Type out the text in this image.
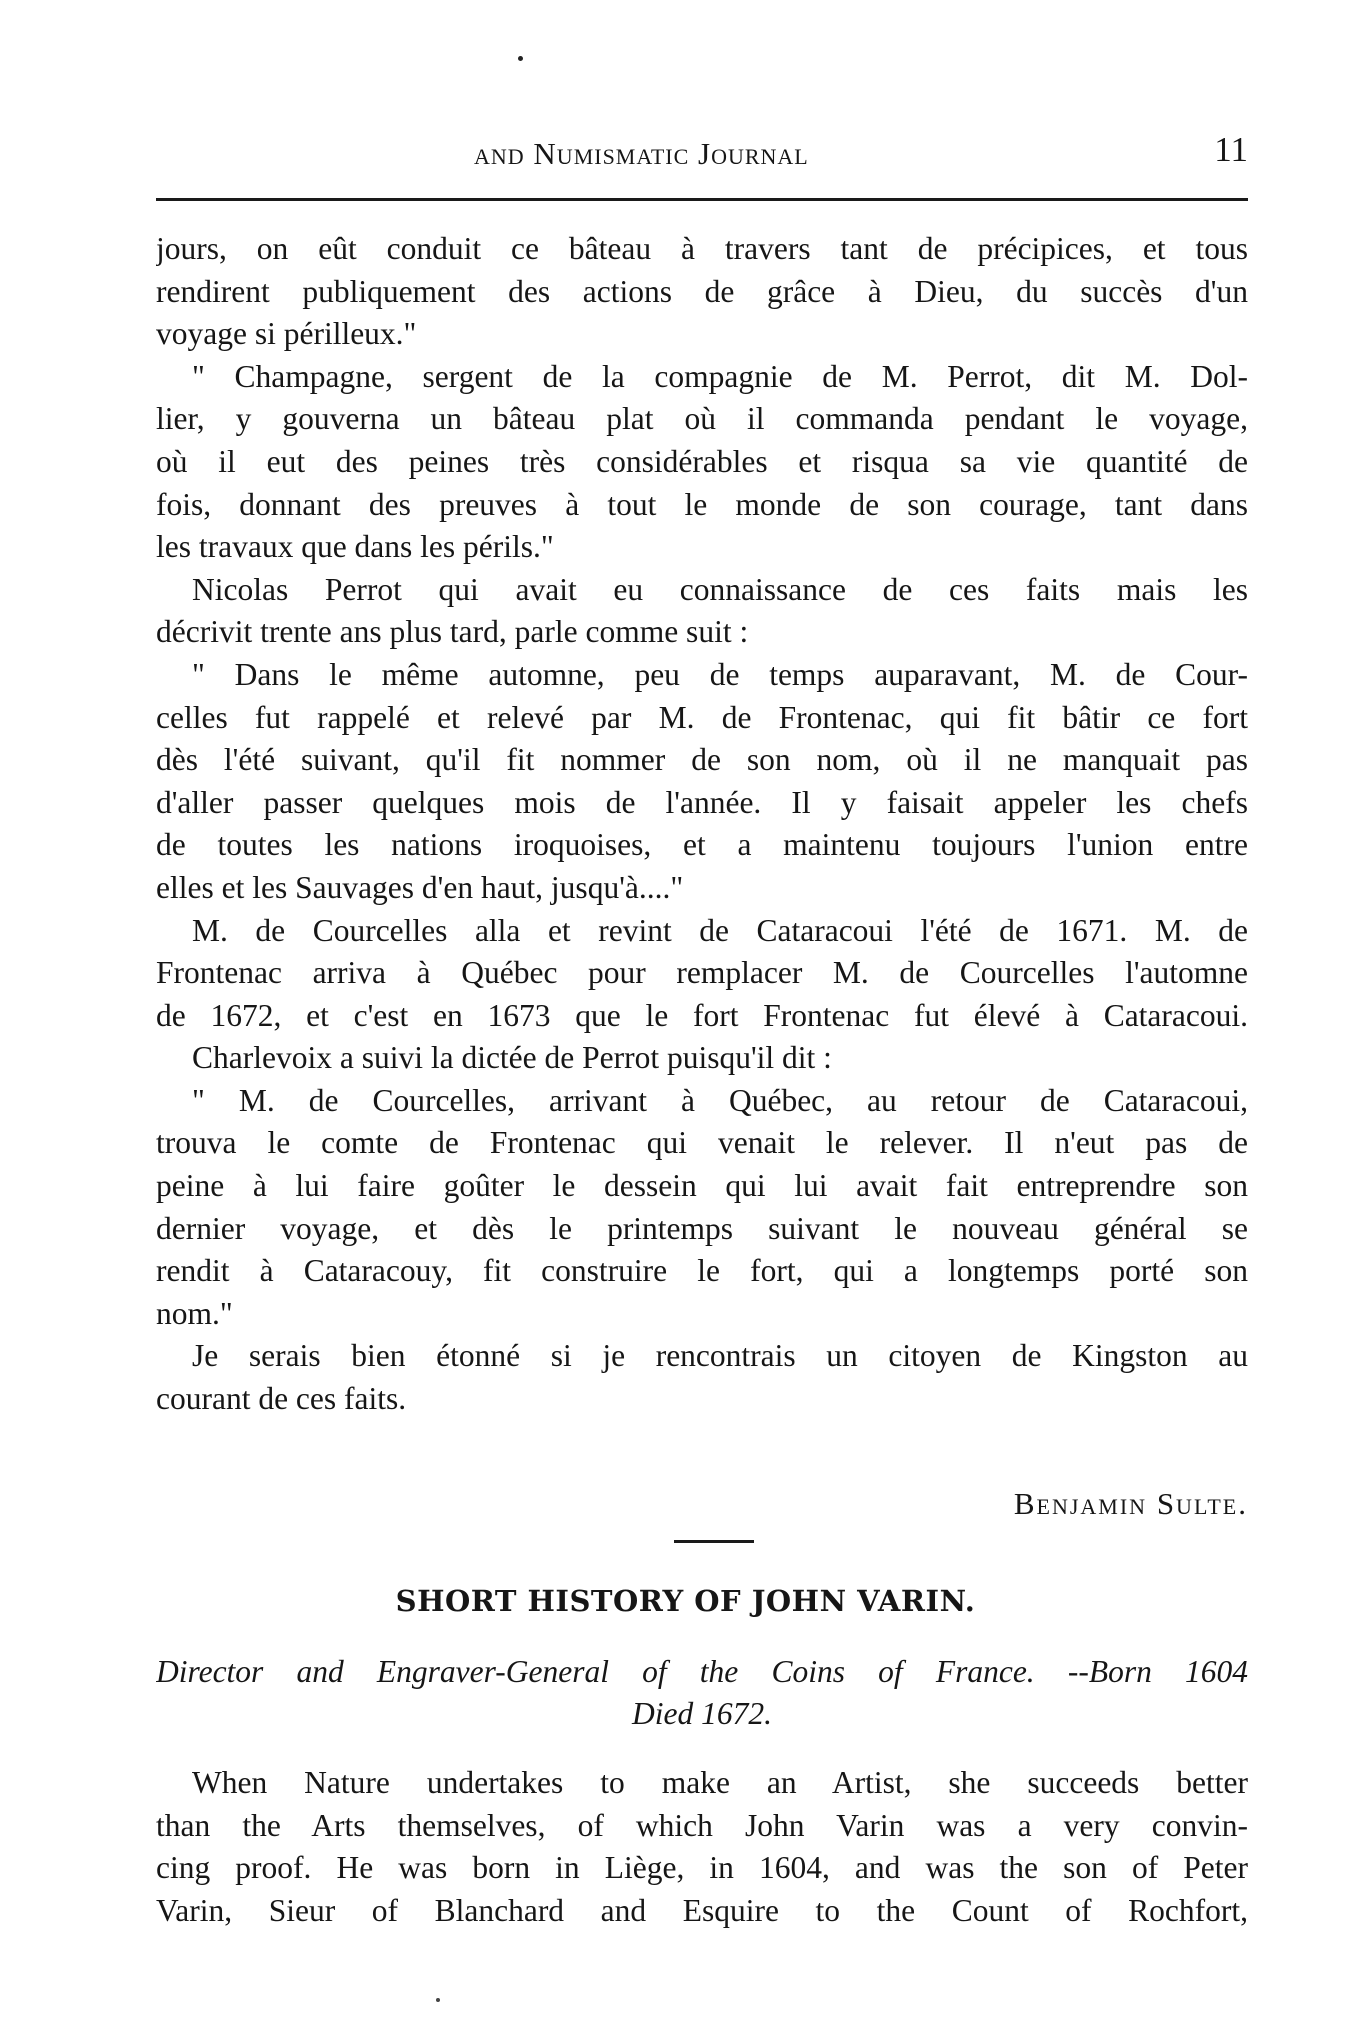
and Numismatic Journal	11
jours, on eût conduit ce bâteau à travers tant de précipices, et tous
rendirent publiquement des actions de grâce à Dieu, du succès d'un
voyage si périlleux."
" Champagne, sergent de la compagnie de M. Perrot, dit M. Dol-
lier, y gouverna un bâteau plat où il commanda pendant le voyage,
où il eut des peines très considérables et risqua sa vie quantité de
fois, donnant des preuves à tout le monde de son courage, tant dans
les travaux que dans les périls."
Nicolas Perrot qui avait eu connaissance de ces faits mais les
décrivit trente ans plus tard, parle comme suit :
" Dans le même automne, peu de temps auparavant, M. de Cour-
celles fut rappelé et relevé par M. de Frontenac, qui fit bâtir ce fort
dès l'été suivant, qu'il fit nommer de son nom, où il ne manquait pas
d'aller passer quelques mois de l'année. Il y faisait appeler les chefs
de toutes les nations iroquoises, et a maintenu toujours l'union entre
elles et les Sauvages d'en haut, jusqu'à...."
M. de Courcelles alla et revint de Cataracoui l'été de 1671. M. de
Frontenac arriva à Québec pour remplacer M. de Courcelles l'automne
de 1672, et c'est en 1673 que le fort Frontenac fut élevé à Cataracoui.
Charlevoix a suivi la dictée de Perrot puisqu'il dit :
" M. de Courcelles, arrivant à Québec, au retour de Cataracoui,
trouva le comte de Frontenac qui venait le relever. Il n'eut pas de
peine à lui faire goûter le dessein qui lui avait fait entreprendre son
dernier voyage, et dès le printemps suivant le nouveau général se
rendit à Cataracouy, fit construire le fort, qui a longtemps porté son
nom."
Je serais bien étonné si je rencontrais un citoyen de Kingston au
courant de ces faits.
Benjamin Sulte.
SHORT HISTORY OF JOHN VARIN.
Director and Engraver-General of the Coins of France. --Born 1604
Died 1672.
When Nature undertakes to make an Artist, she succeeds better
than the Arts themselves, of which John Varin was a very convin-
cing proof. He was born in Liège, in 1604, and was the son of Peter
Varin, Sieur of Blanchard and Esquire to the Count of Rochfort,
